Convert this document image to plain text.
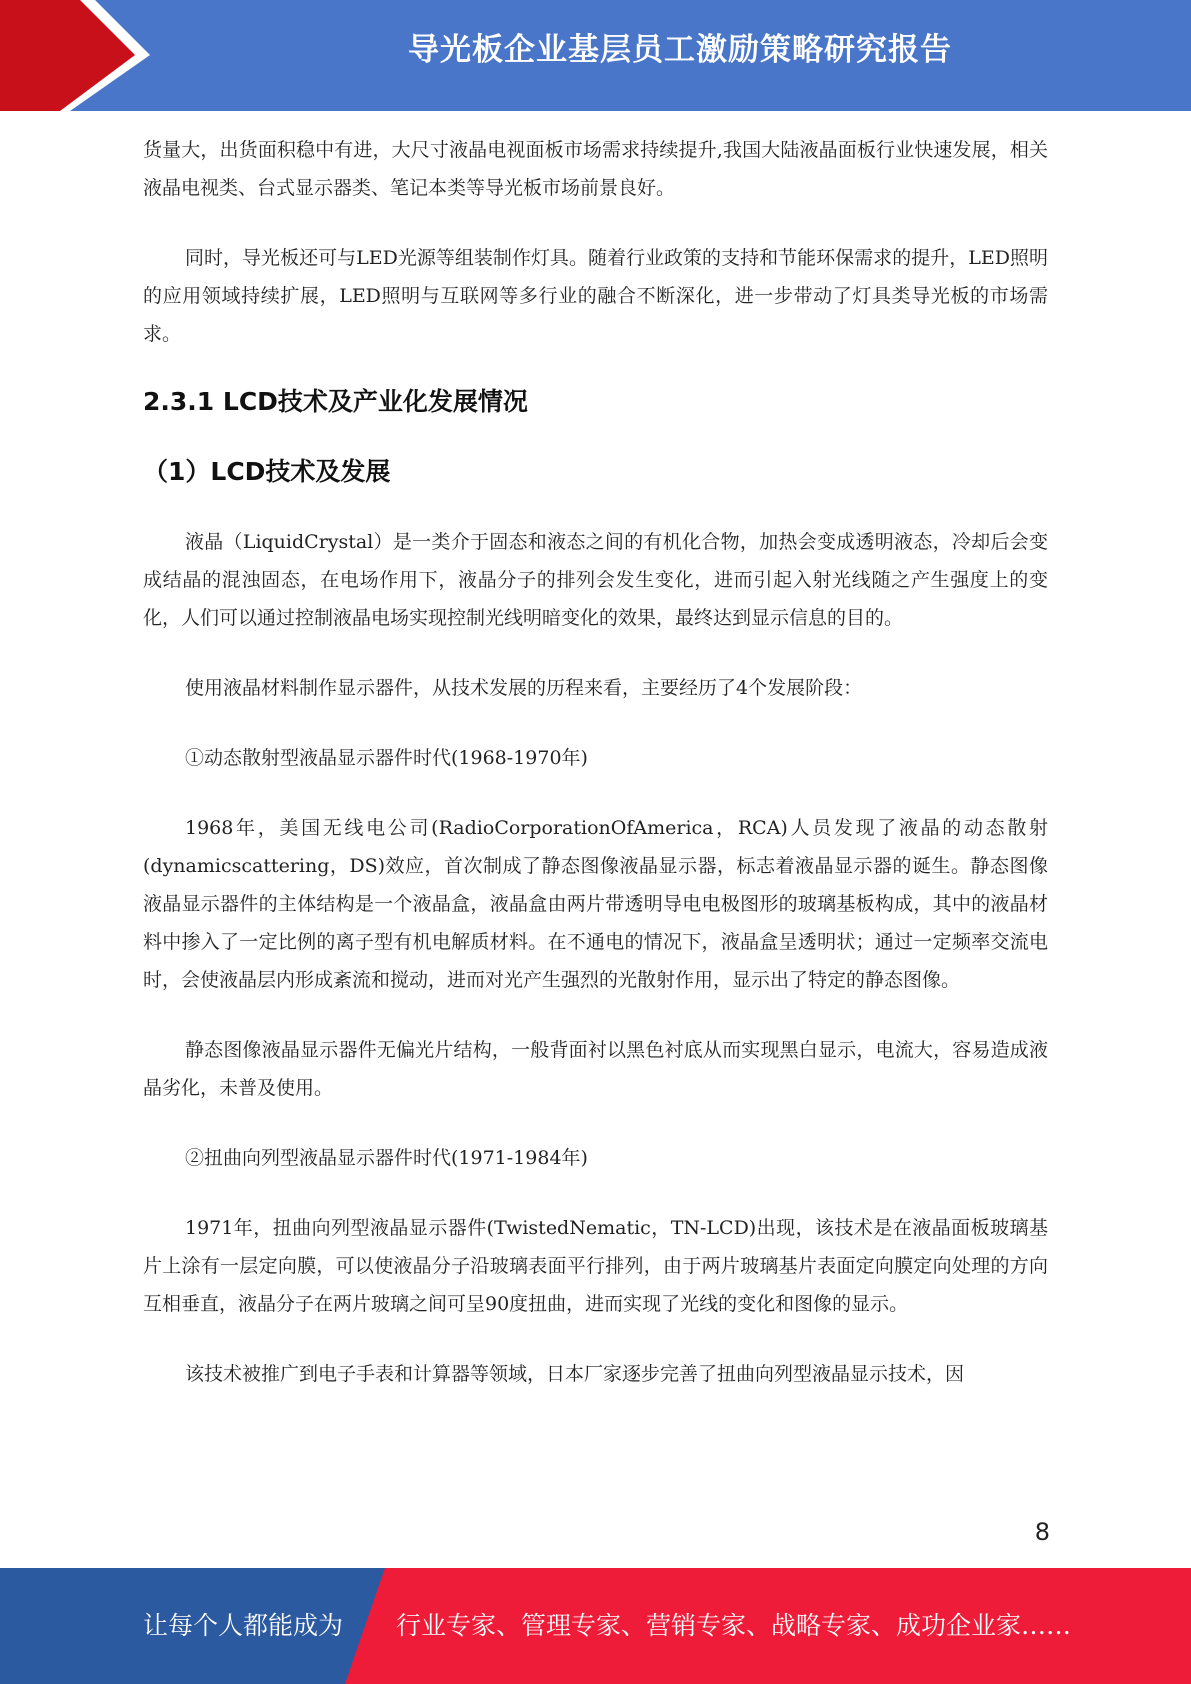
导光板企业基层员工激励策略研究报告

货量大，出货面积稳中有进，大尺寸液晶电视面板市场需求持续提升,我国大陆液晶面板行业快速发展，相关液晶电视类、台式显示器类、笔记本类等导光板市场前景良好。

同时，导光板还可与LED光源等组装制作灯具。随着行业政策的支持和节能环保需求的提升，LED照明的应用领域持续扩展，LED照明与互联网等多行业的融合不断深化，进一步带动了灯具类导光板的市场需求。

2.3.1 LCD技术及产业化发展情况
（1）LCD技术及发展

液晶（LiquidCrystal）是一类介于固态和液态之间的有机化合物，加热会变成透明液态，冷却后会变成结晶的混浊固态，在电场作用下，液晶分子的排列会发生变化，进而引起入射光线随之产生强度上的变化，人们可以通过控制液晶电场实现控制光线明暗变化的效果，最终达到显示信息的目的。

使用液晶材料制作显示器件，从技术发展的历程来看，主要经历了4个发展阶段：

①动态散射型液晶显示器件时代(1968-1970年)

1968年，美国无线电公司(RadioCorporationOfAmerica，RCA)人员发现了液晶的动态散射(dynamicscattering，DS)效应，首次制成了静态图像液晶显示器，标志着液晶显示器的诞生。静态图像液晶显示器件的主体结构是一个液晶盒，液晶盒由两片带透明导电电极图形的玻璃基板构成，其中的液晶材料中掺入了一定比例的离子型有机电解质材料。在不通电的情况下，液晶盒呈透明状；通过一定频率交流电时，会使液晶层内形成紊流和搅动，进而对光产生强烈的光散射作用，显示出了特定的静态图像。

静态图像液晶显示器件无偏光片结构，一般背面衬以黑色衬底从而实现黑白显示，电流大，容易造成液晶劣化，未普及使用。

②扭曲向列型液晶显示器件时代(1971-1984年)

1971年，扭曲向列型液晶显示器件(TwistedNematic，TN-LCD)出现，该技术是在液晶面板玻璃基片上涂有一层定向膜，可以使液晶分子沿玻璃表面平行排列，由于两片玻璃基片表面定向膜定向处理的方向互相垂直，液晶分子在两片玻璃之间可呈90度扭曲，进而实现了光线的变化和图像的显示。

该技术被推广到电子手表和计算器等领域，日本厂家逐步完善了扭曲向列型液晶显示技术，因

8
让每个人都能成为 行业专家、管理专家、营销专家、战略专家、成功企业家……
